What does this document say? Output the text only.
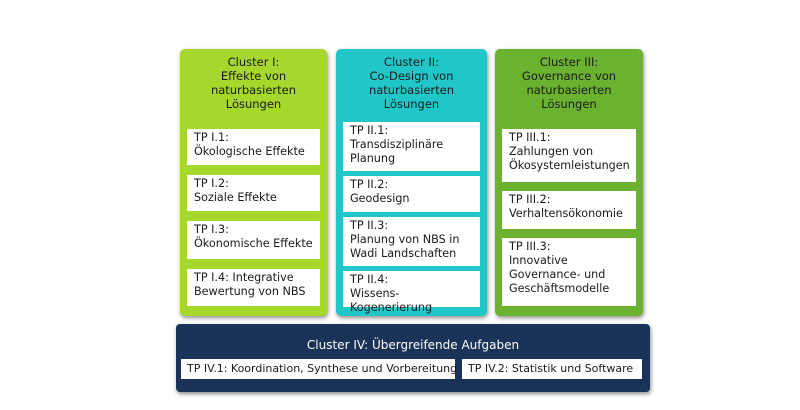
Cluster I:
Effekte von
naturbasierten
Lösungen
TP I.1:
Ökologische Effekte
TP I.2:
Soziale Effekte
TP I.3:
Ökonomische Effekte
TP I.4: Integrative
Bewertung von NBS
Cluster II:
Co-Design von
naturbasierten
Lösungen
TP II.1:
Transdisziplinäre
Planung
TP II.2:
Geodesign
TP II.3:
Planung von NBS in
Wadi Landschaften
TP II.4:
Wissens-Kogenerierung
Cluster III:
Governance von
naturbasierten
Lösungen
TP III.1:
Zahlungen von
Ökosystemleistungen
TP III.2:
Verhaltensökonomie
TP III.3:
Innovative
Governance- und
Geschäftsmodelle
Cluster IV: Übergreifende Aufgaben
TP IV.1: Koordination, Synthese und Vorbereitung TP IV.2: Statistik und Software
